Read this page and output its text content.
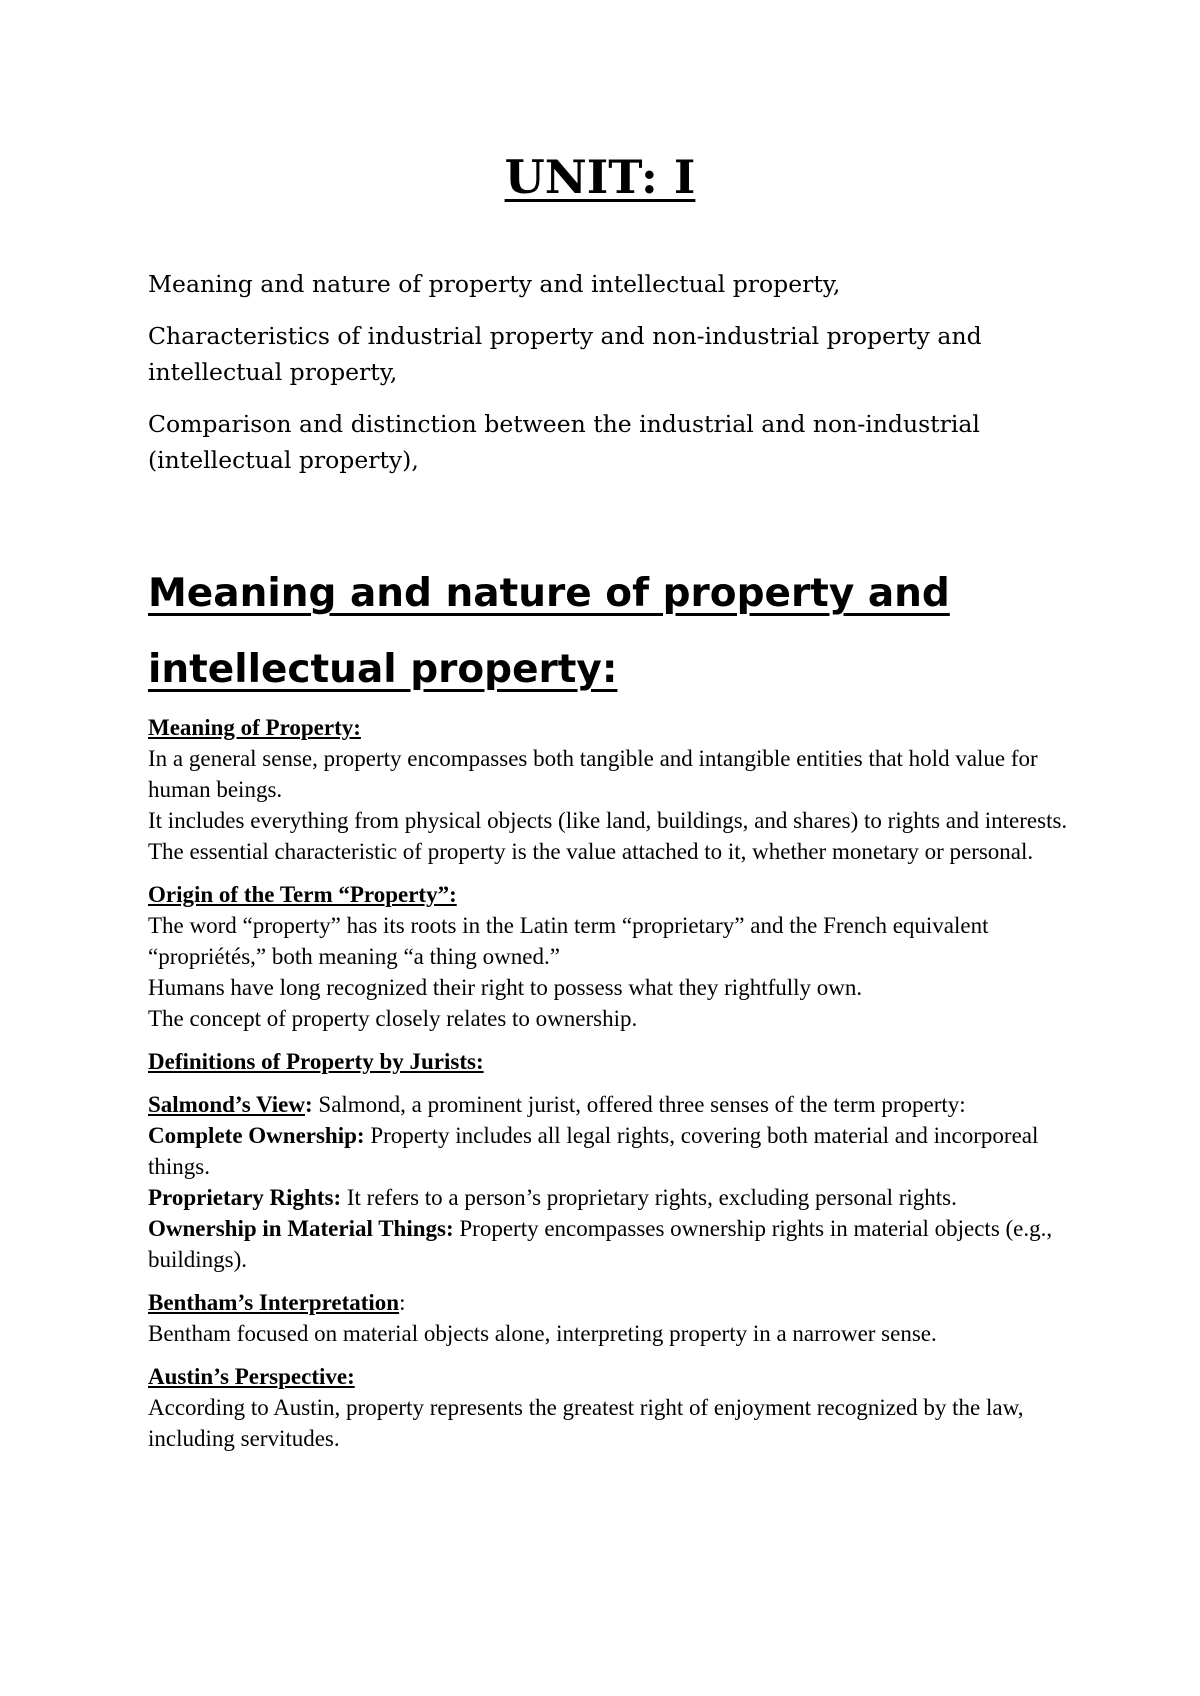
UNIT: I

Meaning and nature of property and intellectual property,

Characteristics of industrial property and non-industrial property and intellectual property,

Comparison and distinction between the industrial and non-industrial (intellectual property),

Meaning and nature of property and
intellectual property:
Meaning of Property:
In a general sense, property encompasses both tangible and intangible entities that hold value for human beings.
It includes everything from physical objects (like land, buildings, and shares) to rights and interests.
The essential characteristic of property is the value attached to it, whether monetary or personal.
Origin of the Term “Property”:
The word “property” has its roots in the Latin term “proprietary” and the French equivalent “propriétés,” both meaning “a thing owned.”
Humans have long recognized their right to possess what they rightfully own.
The concept of property closely relates to ownership.
Definitions of Property by Jurists:
Salmond’s View: Salmond, a prominent jurist, offered three senses of the term property:
Complete Ownership: Property includes all legal rights, covering both material and incorporeal things.
Proprietary Rights: It refers to a person’s proprietary rights, excluding personal rights.
Ownership in Material Things: Property encompasses ownership rights in material objects (e.g., buildings).
Bentham’s Interpretation:
Bentham focused on material objects alone, interpreting property in a narrower sense.
Austin’s Perspective:
According to Austin, property represents the greatest right of enjoyment recognized by the law, including servitudes.
